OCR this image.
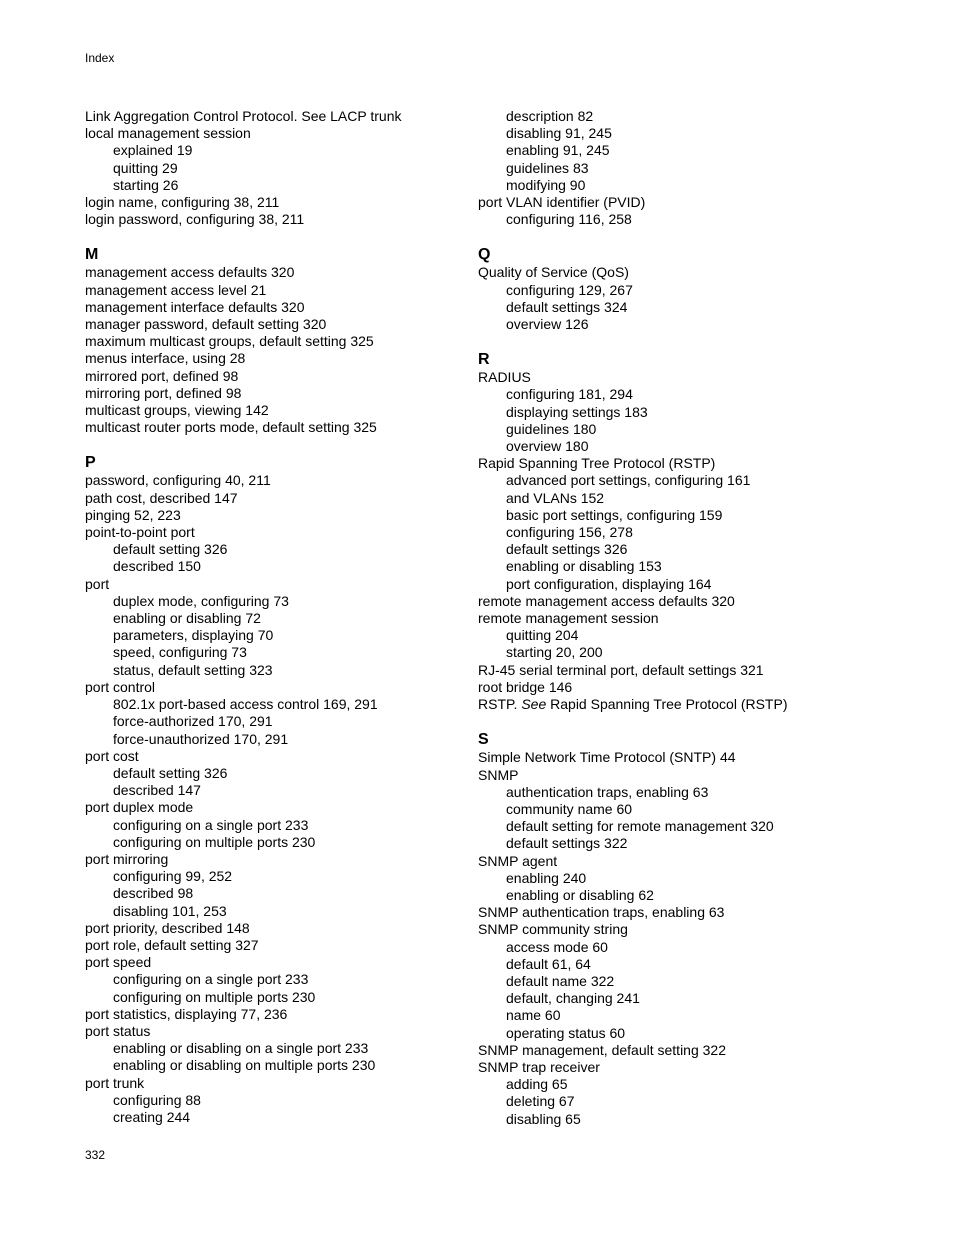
Index
Link Aggregation Control Protocol. See LACP trunk
local management session
explained 19
quitting 29
starting 26
login name, configuring 38, 211
login password, configuring 38, 211
M
management access defaults 320
management access level 21
management interface defaults 320
manager password, default setting 320
maximum multicast groups, default setting 325
menus interface, using 28
mirrored port, defined 98
mirroring port, defined 98
multicast groups, viewing 142
multicast router ports mode, default setting 325
P
password, configuring 40, 211
path cost, described 147
pinging 52, 223
point-to-point port
default setting 326
described 150
port
duplex mode, configuring 73
enabling or disabling 72
parameters, displaying 70
speed, configuring 73
status, default setting 323
port control
802.1x port-based access control 169, 291
force-authorized 170, 291
force-unauthorized 170, 291
port cost
default setting 326
described 147
port duplex mode
configuring on a single port 233
configuring on multiple ports 230
port mirroring
configuring 99, 252
described 98
disabling 101, 253
port priority, described 148
port role, default setting 327
port speed
configuring on a single port 233
configuring on multiple ports 230
port statistics, displaying 77, 236
port status
enabling or disabling on a single port 233
enabling or disabling on multiple ports 230
port trunk
configuring 88
creating 244
description 82
disabling 91, 245
enabling 91, 245
guidelines 83
modifying 90
port VLAN identifier (PVID)
configuring 116, 258
Q
Quality of Service (QoS)
configuring 129, 267
default settings 324
overview 126
R
RADIUS
configuring 181, 294
displaying settings 183
guidelines 180
overview 180
Rapid Spanning Tree Protocol (RSTP)
advanced port settings, configuring 161
and VLANs 152
basic port settings, configuring 159
configuring 156, 278
default settings 326
enabling or disabling 153
port configuration, displaying 164
remote management access defaults 320
remote management session
quitting 204
starting 20, 200
RJ-45 serial terminal port, default settings 321
root bridge 146
RSTP. See Rapid Spanning Tree Protocol (RSTP)
S
Simple Network Time Protocol (SNTP) 44
SNMP
authentication traps, enabling 63
community name 60
default setting for remote management 320
default settings 322
SNMP agent
enabling 240
enabling or disabling 62
SNMP authentication traps, enabling 63
SNMP community string
access mode 60
default 61, 64
default name 322
default, changing 241
name 60
operating status 60
SNMP management, default setting 322
SNMP trap receiver
adding 65
deleting 67
disabling 65
332
